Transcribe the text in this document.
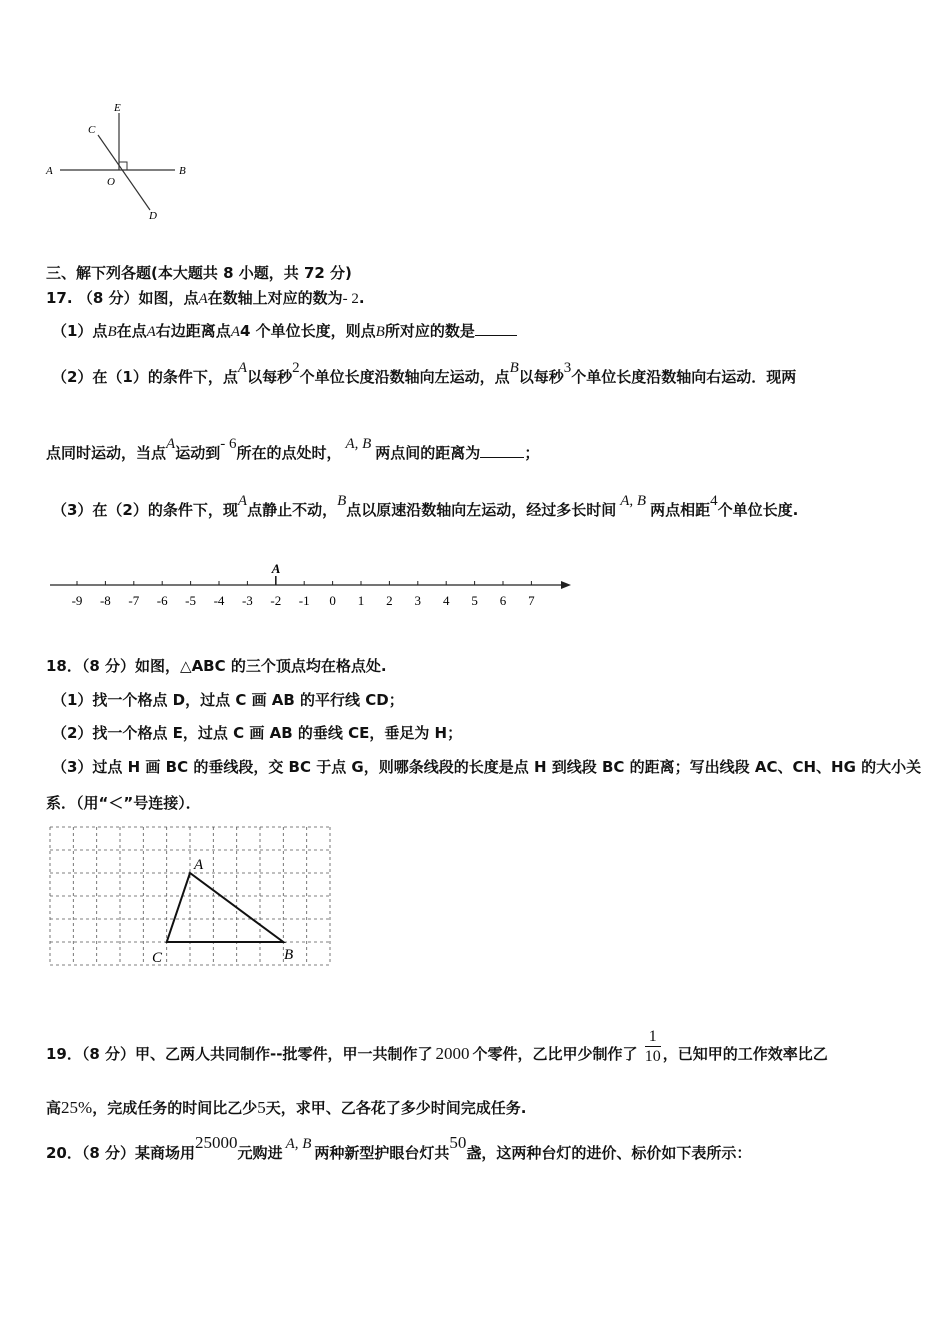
E
C
A
O
B
D
三、解下列各题(本大题共 8 小题，共 72 分)
17. （8 分）如图，点A在数轴上对应的数为- 2.
（1）点B在点A右边距离点A4 个单位长度，则点B所对应的数是
（2）在（1）的条件下，点A以每秒2个单位长度沿数轴向左运动，点B以每秒3个单位长度沿数轴向右运动．现两
点同时运动，当点A运动到- 6所在的点处时， A, B 两点间的距离为	；
（3）在（2）的条件下，现A点静止不动，B点以原速沿数轴向左运动，经过多长时间 A, B 两点相距4个单位长度.
A
-9 -8 -7 -6 -5 -4 -3 -2 -1 0 1 2 3 4 5 6 7
18．（8 分）如图，△ABC 的三个顶点均在格点处.
（1）找一个格点 D，过点 C 画 AB 的平行线 CD；
（2）找一个格点 E，过点 C 画 AB 的垂线 CE，垂足为 H；
（3）过点 H 画 BC 的垂线段，交 BC 于点 G，则哪条线段的长度是点 H 到线段 BC 的距离；写出线段 AC、CH、HG 的大小关
系．（用“＜”号连接）．
A
C	B
19．（8 分）甲、乙两人共同制作--批零件，甲一共制作了 2000 个零件，乙比甲少制作了 $\frac{1}{10}$ ，已知甲的工作效率比乙
高25%，完成任务的时间比乙少5天，求甲、乙各花了多少时间完成任务.
20．（8 分）某商场用25000元购进 A, B 两种新型护眼台灯共50盏，这两种台灯的进价、标价如下表所示：
